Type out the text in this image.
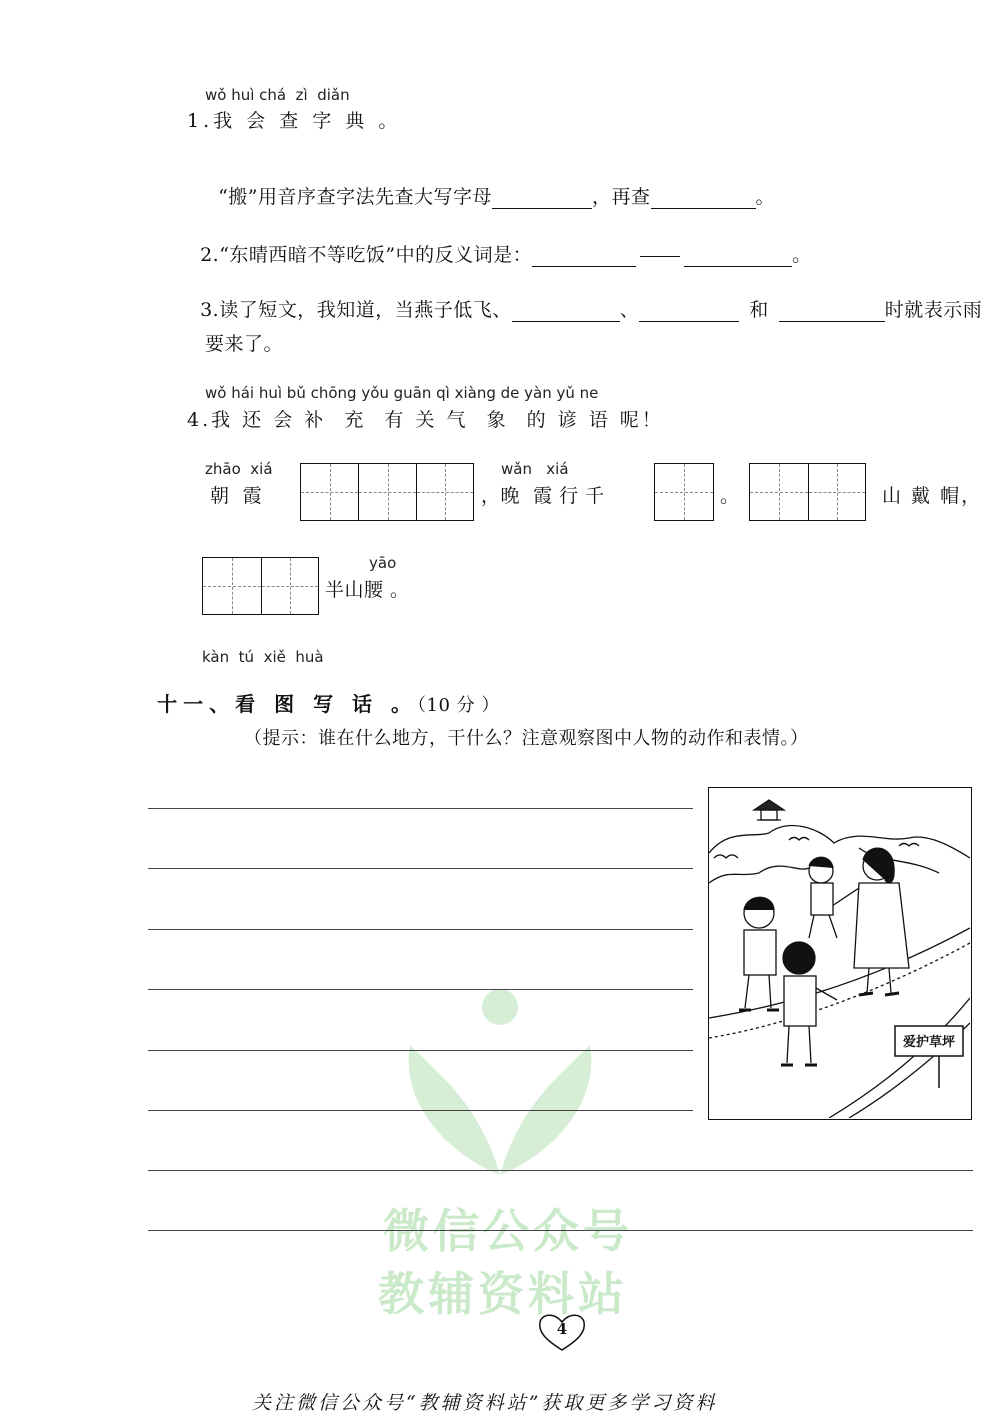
微信公众号
教辅资料站
wǒ huì chá  zì  diǎn
1.我 会 查 字 典 。

“搬”用音序查字法先查大写字母	，再查	。

2.“东晴西暗不等吃饭”中的反义词是：	。

3.读了短文，我知道，当燕子低飞、	、	和	时就表示雨

要来了。
wǒ hái huì bǔ chōng yǒu guān qì xiàng de yàn yǔ ne
4.我 还 会 补  充  有 关 气  象  的 谚 语 呢！
zhāo  xiá
朝  霞
wǎn   xiá
，晚  霞 行 千	。	山 戴 帽，
yāo
半山腰 。
kàn  tú  xiě  huà

十一、看 图 写 话 。（10 分 ）

（提示：谁在什么地方，干什么？注意观察图中人物的动作和表情。）
爱护草坪
4
关注微信公众号“教辅资料站”获取更多学习资料
